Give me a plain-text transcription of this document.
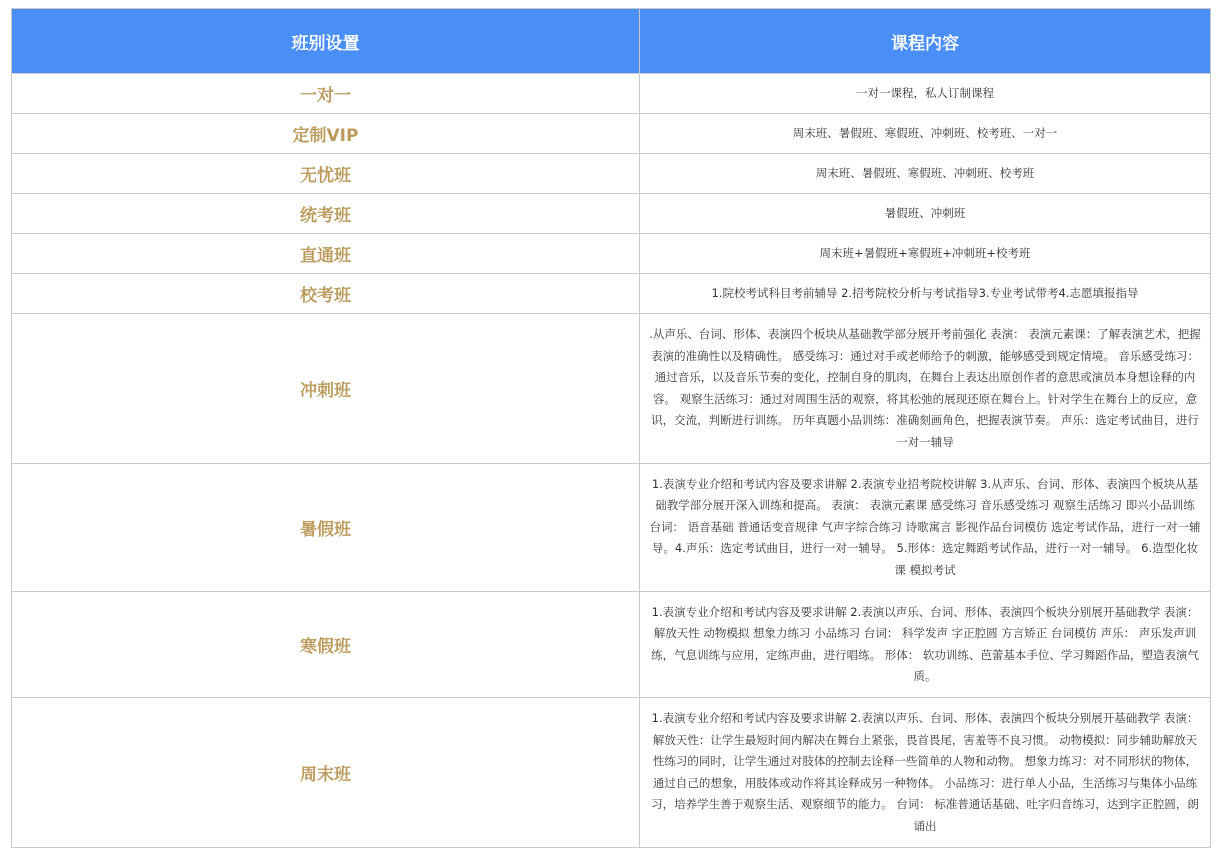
班别设置	课程内容
一对一	一对一课程，私人订制课程
定制VIP	周末班、暑假班、寒假班、冲刺班、校考班、一对一
无忧班	周末班、暑假班、寒假班、冲刺班、校考班
统考班	暑假班、冲刺班
直通班	周末班+暑假班+寒假班+冲刺班+校考班
校考班	1.院校考试科目考前辅导 2.招考院校分析与考试指导3.专业考试带考4.志愿填报指导
冲刺班	.从声乐、台词、形体、表演四个板块从基础教学部分展开考前强化 表演： 表演元素课：了解表演艺术，把握表演的准确性以及精确性。 感受练习：通过对手或老师给予的刺激，能够感受到规定情境。 音乐感受练习：通过音乐，以及音乐节奏的变化，控制自身的肌肉，在舞台上表达出原创作者的意思或演员本身想诠释的内容。 观察生活练习：通过对周围生活的观察，将其松弛的展现还原在舞台上。针对学生在舞台上的反应，意识，交流，判断进行训练。 历年真题小品训练：准确刻画角色，把握表演节奏。 声乐：选定考试曲目，进行一对一辅导
暑假班	1.表演专业介绍和考试内容及要求讲解 2.表演专业招考院校讲解 3.从声乐、台词、形体、表演四个板块从基础教学部分展开深入训练和提高。 表演： 表演元素课 感受练习 音乐感受练习 观察生活练习 即兴小品训练 台词： 语音基础 普通话变音规律 气声字综合练习 诗歌寓言 影视作品台词模仿 选定考试作品，进行一对一辅导。4.声乐：选定考试曲目，进行一对一辅导。 5.形体：选定舞蹈考试作品，进行一对一辅导。 6.造型化妆课 模拟考试
寒假班	1.表演专业介绍和考试内容及要求讲解 2.表演以声乐、台词、形体、表演四个板块分别展开基础教学 表演： 解放天性 动物模拟 想象力练习 小品练习 台词： 科学发声 字正腔圆 方言矫正 台词模仿 声乐： 声乐发声训练，气息训练与应用，定练声曲，进行唱练。 形体： 软功训练、芭蕾基本手位、学习舞蹈作品，塑造表演气质。
周末班	1.表演专业介绍和考试内容及要求讲解 2.表演以声乐、台词、形体、表演四个板块分别展开基础教学 表演： 解放天性：让学生最短时间内解决在舞台上紧张，畏首畏尾，害羞等不良习惯。 动物模拟：同步辅助解放天性练习的同时，让学生通过对肢体的控制去诠释一些简单的人物和动物。 想象力练习：对不同形状的物体，通过自己的想象，用肢体或动作将其诠释成另一种物体。 小品练习：进行单人小品，生活练习与集体小品练习，培养学生善于观察生活、观察细节的能力。 台词： 标准普通话基础、吐字归音练习，达到字正腔圆，朗诵出
